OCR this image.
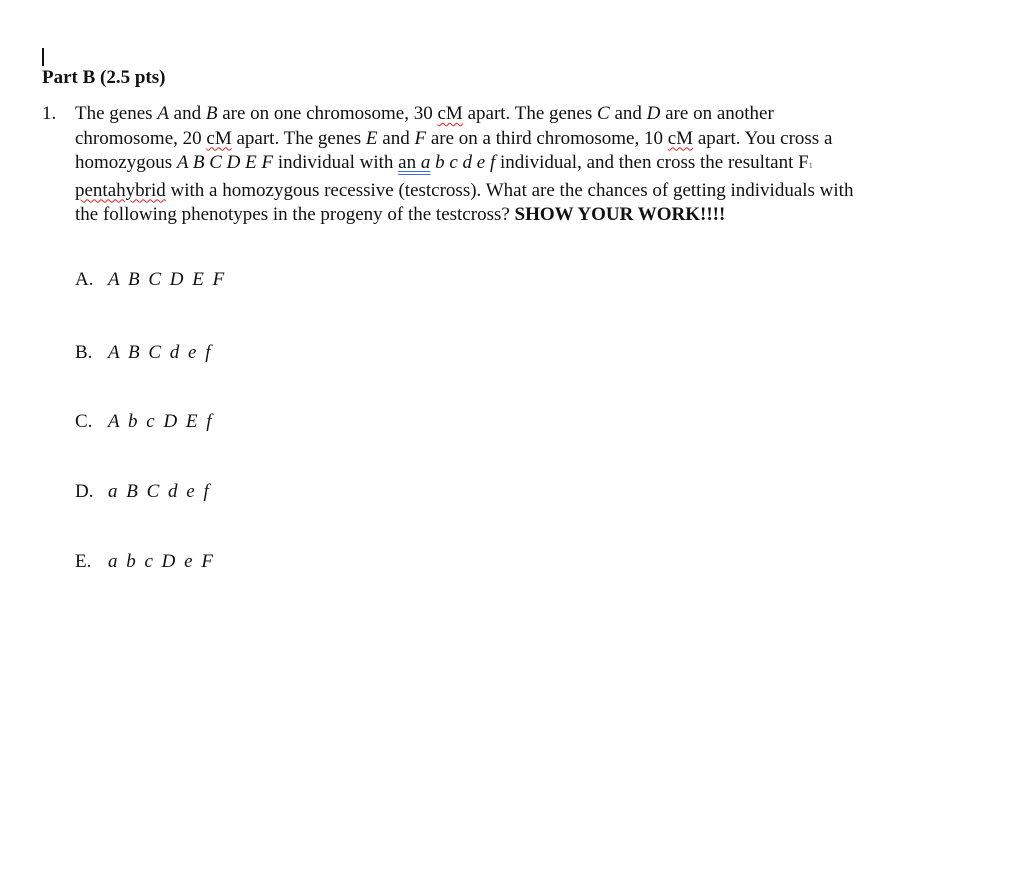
Part B (2.5 pts)
1. The genes A and B are on one chromosome, 30 cM apart. The genes C and D are on another
chromosome, 20 cM apart. The genes E and F are on a third chromosome, 10 cM apart. You cross a
homozygous A B C D E F individual with an a b c d e f individual, and then cross the resultant F1
pentahybrid with a homozygous recessive (testcross). What are the chances of getting individuals with
the following phenotypes in the progeny of the testcross? SHOW YOUR WORK!!!!
A. A B C D E F
B. A B C d e f
C. A b c D E f
D. a B C d e f
E. a b c D e F
